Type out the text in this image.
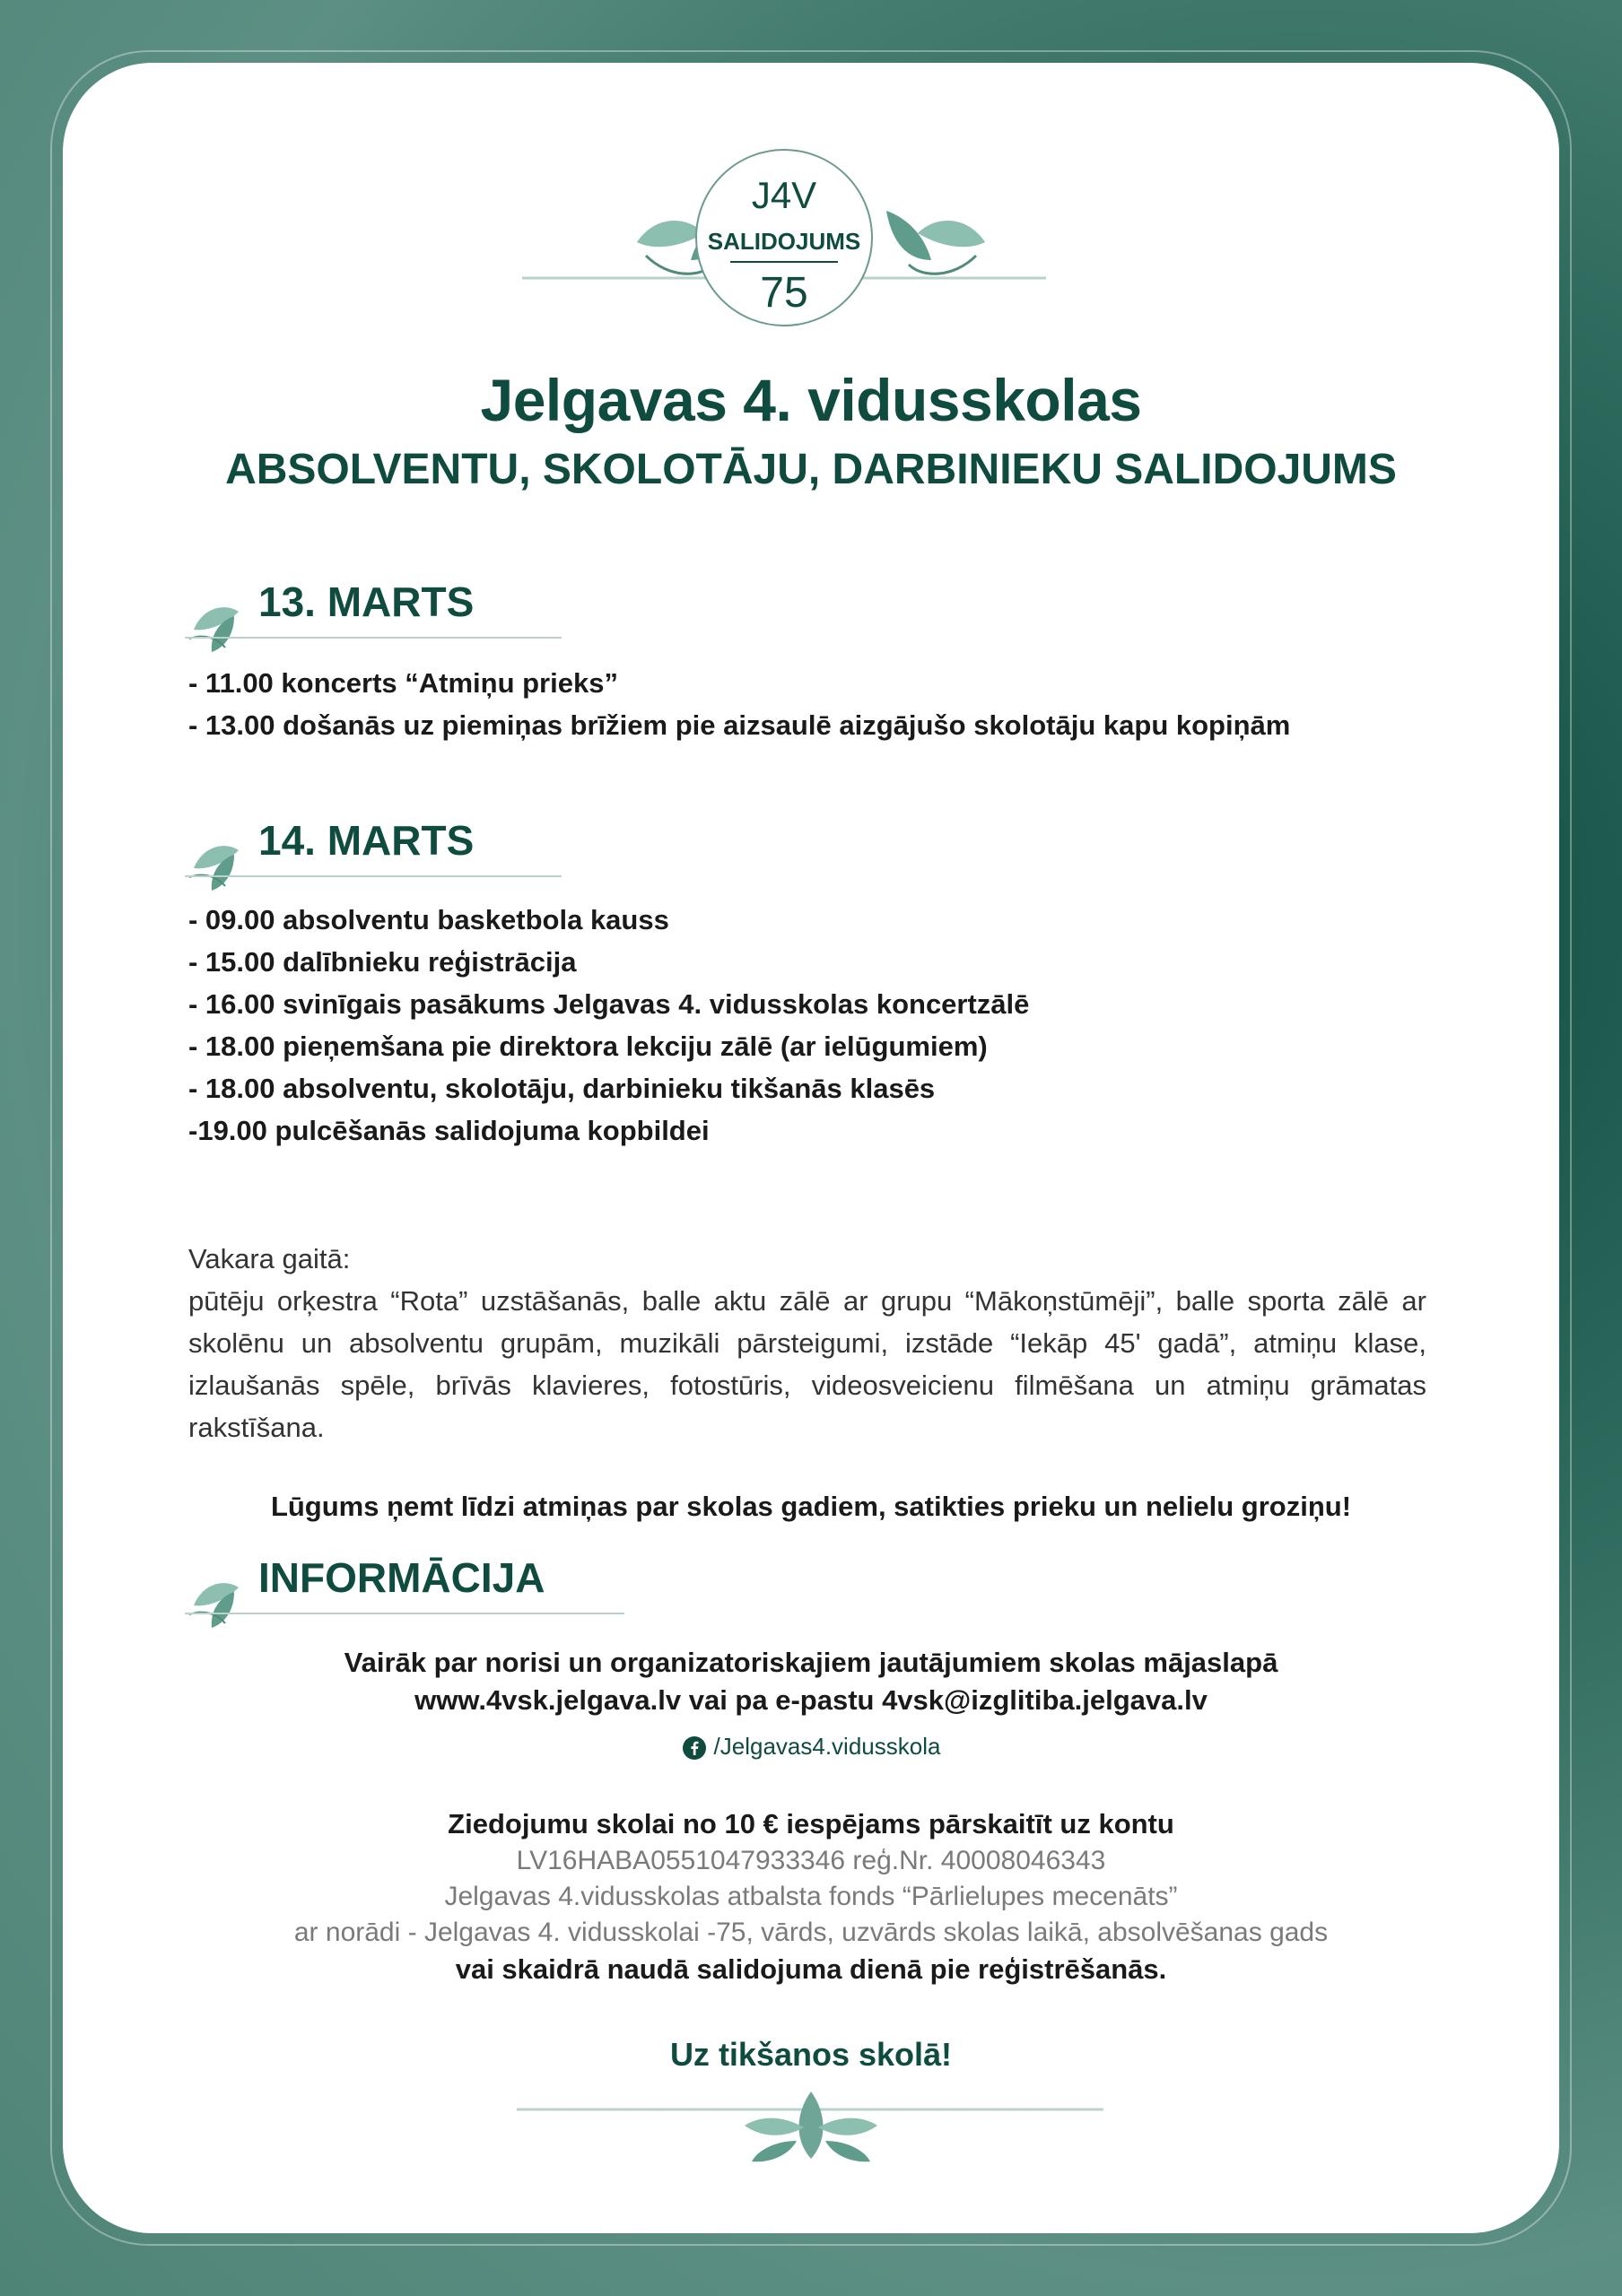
J4V
SALIDOJUMS
75
Jelgavas 4. vidusskolas
ABSOLVENTU, SKOLOTĀJU, DARBINIEKU SALIDOJUMS
13. MARTS
- 11.00 koncerts “Atmiņu prieks”
- 13.00 došanās uz piemiņas brīžiem pie aizsaulē aizgājušo skolotāju kapu kopiņām
14. MARTS
- 09.00 absolventu basketbola kauss
- 15.00 dalībnieku reģistrācija
- 16.00 svinīgais pasākums Jelgavas 4. vidusskolas koncertzālē
- 18.00 pieņemšana pie direktora lekciju zālē (ar ielūgumiem)
- 18.00 absolventu, skolotāju, darbinieku tikšanās klasēs
-19.00 pulcēšanās salidojuma kopbildei
Vakara gaitā:
pūtēju orķestra “Rota” uzstāšanās, balle aktu zālē ar grupu “Mākoņstūmēji”, balle sporta zālē ar skolēnu un absolventu grupām, muzikāli pārsteigumi, izstāde “Iekāp 45' gadā”, atmiņu klase, izlaušanās spēle, brīvās klavieres, fotostūris, videosveicienu filmēšana un atmiņu grāmatas rakstīšana.
Lūgums ņemt līdzi atmiņas par skolas gadiem, satikties prieku un nelielu groziņu!
INFORMĀCIJA
Vairāk par norisi un organizatoriskajiem jautājumiem skolas mājaslapā
www.4vsk.jelgava.lv vai pa e-pastu 4vsk@izglitiba.jelgava.lv
/Jelgavas4.vidusskola
Ziedojumu skolai no 10 € iespējams pārskaitīt uz kontu
LV16HABA0551047933346 reģ.Nr. 40008046343
Jelgavas 4.vidusskolas atbalsta fonds “Pārlielupes mecenāts”
ar norādi - Jelgavas 4. vidusskolai -75, vārds, uzvārds skolas laikā, absolvēšanas gads
vai skaidrā naudā salidojuma dienā pie reģistrēšanās.
Uz tikšanos skolā!
